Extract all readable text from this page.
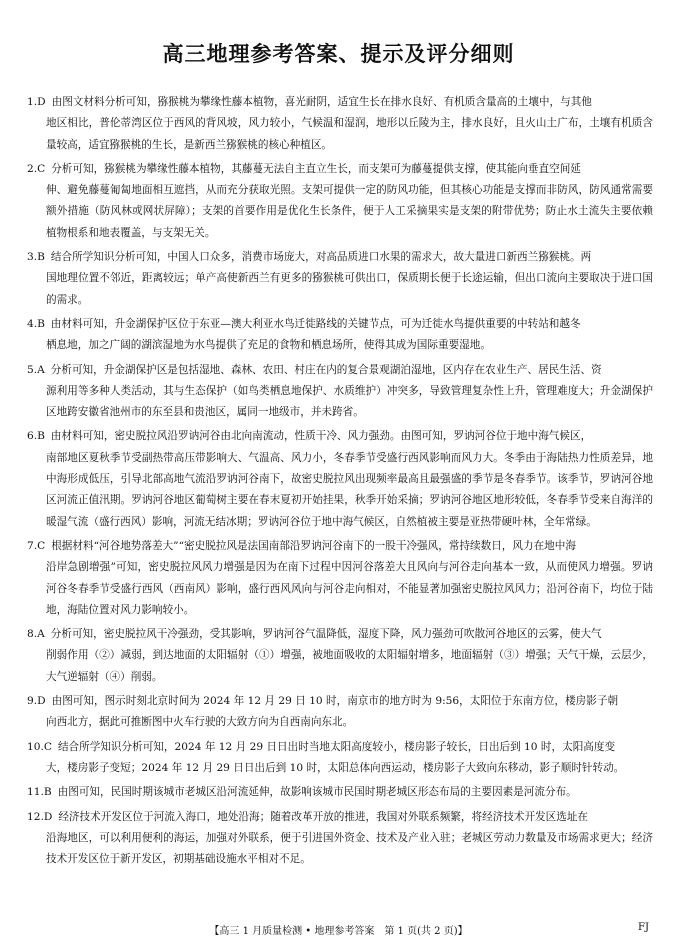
高三地理参考答案、提示及评分细则
1.D 由图文材料分析可知，猕猴桃为攀缘性藤本植物，喜光耐阴，适宜生长在排水良好、有机质含量高的土壤中，与其他
地区相比，普伦蒂湾区位于西风的背风坡，风力较小，气候温和湿润，地形以丘陵为主，排水良好，且火山土广布，土壤有机质含量较高，适宜猕猴桃的生长，是新西兰猕猴桃的核心种植区。
2.C 分析可知，猕猴桃为攀缘性藤本植物，其藤蔓无法自主直立生长，而支架可为藤蔓提供支撑，使其能向垂直空间延
伸、避免藤蔓匍匐地面相互遮挡，从而充分获取光照。支架可提供一定的防风功能，但其核心功能是支撑而非防风，防风通常需要额外措施（防风林或网状屏障）；支架的首要作用是优化生长条件，便于人工采摘果实是支架的附带优势；防止水土流失主要依赖植物根系和地表覆盖，与支架无关。
3.B 结合所学知识分析可知，中国人口众多，消费市场庞大，对高品质进口水果的需求大，故大量进口新西兰猕猴桃。两
国地理位置不邻近，距离较远；单产高使新西兰有更多的猕猴桃可供出口，保质期长便于长途运输，但出口流向主要取决于进口国的需求。
4.B 由材料可知，升金湖保护区位于东亚—澳大利亚水鸟迁徙路线的关键节点，可为迁徙水鸟提供重要的中转站和越冬
栖息地，加之广阔的湖滨湿地为水鸟提供了充足的食物和栖息场所，使得其成为国际重要湿地。
5.A 分析可知，升金湖保护区是包括湿地、森林、农田、村庄在内的复合景观湖泊湿地，区内存在农业生产、居民生活、资
源利用等多种人类活动，其与生态保护（如鸟类栖息地保护、水质维护）冲突多，导致管理复杂性上升，管理难度大；升金湖保护区地跨安徽省池州市的东至县和贵池区，属同一地级市，并未跨省。
6.B 由材料可知，密史脱拉风沿罗讷河谷由北向南流动，性质干冷、风力强劲。由图可知，罗讷河谷位于地中海气候区，
南部地区夏秋季节受副热带高压带影响大、气温高、风力小，冬春季节受盛行西风影响而风力大。冬季由于海陆热力性质差异，地中海形成低压，引导北部高地气流沿罗讷河谷南下，故密史脱拉风出现频率最高且最强盛的季节是冬春季节。该季节，罗讷河谷地区河流正值汛期。罗讷河谷地区葡萄树主要在春末夏初开始挂果，秋季开始采摘；罗讷河谷地区地形较低，冬春季节受来自海洋的暖湿气流（盛行西风）影响，河流无结冰期；罗讷河谷位于地中海气候区，自然植被主要是亚热带硬叶林，全年常绿。
7.C 根据材料“河谷地势落差大”“密史脱拉风是法国南部沿罗讷河谷南下的一股干冷强风，常持续数日，风力在地中海
沿岸急剧增强”可知，密史脱拉风风力增强是因为在南下过程中因河谷落差大且风向与河谷走向基本一致，从而使风力增强。罗讷河谷冬春季节受盛行西风（西南风）影响，盛行西风风向与河谷走向相对，不能显著加强密史脱拉风风力；沿河谷南下，均位于陆地，海陆位置对风力影响较小。
8.A 分析可知，密史脱拉风干冷强劲，受其影响，罗讷河谷气温降低，湿度下降，风力强劲可吹散河谷地区的云雾，使大气
削弱作用（②）减弱，到达地面的太阳辐射（①）增强，被地面吸收的太阳辐射增多，地面辐射（③）增强；天气干燥，云层少，大气逆辐射（④）削弱。
9.D 由图可知，图示时刻北京时间为 2024 年 12 月 29 日 10 时，南京市的地方时为 9:56，太阳位于东南方位，楼房影子朝
向西北方，据此可推断图中火车行驶的大致方向为自西南向东北。
10.C 结合所学知识分析可知，2024 年 12 月 29 日日出时当地太阳高度较小，楼房影子较长，日出后到 10 时，太阳高度变
大，楼房影子变短；2024 年 12 月 29 日日出后到 10 时，太阳总体向西运动，楼房影子大致向东移动，影子顺时针转动。
11.B 由图可知，民国时期该城市老城区沿河流延伸，故影响该城市民国时期老城区形态布局的主要因素是河流分布。
12.D 经济技术开发区位于河流入海口，地处沿海；随着改革开放的推进，我国对外联系频繁，将经济技术开发区选址在
沿海地区，可以利用便利的海运，加强对外联系，便于引进国外资金、技术及产业入驻；老城区劳动力数量及市场需求更大；经济技术开发区位于新开发区，初期基础设施水平相对不足。
【高三 1 月质量检测 • 地理参考答案　第 1 页(共 2 页)】	FJ
